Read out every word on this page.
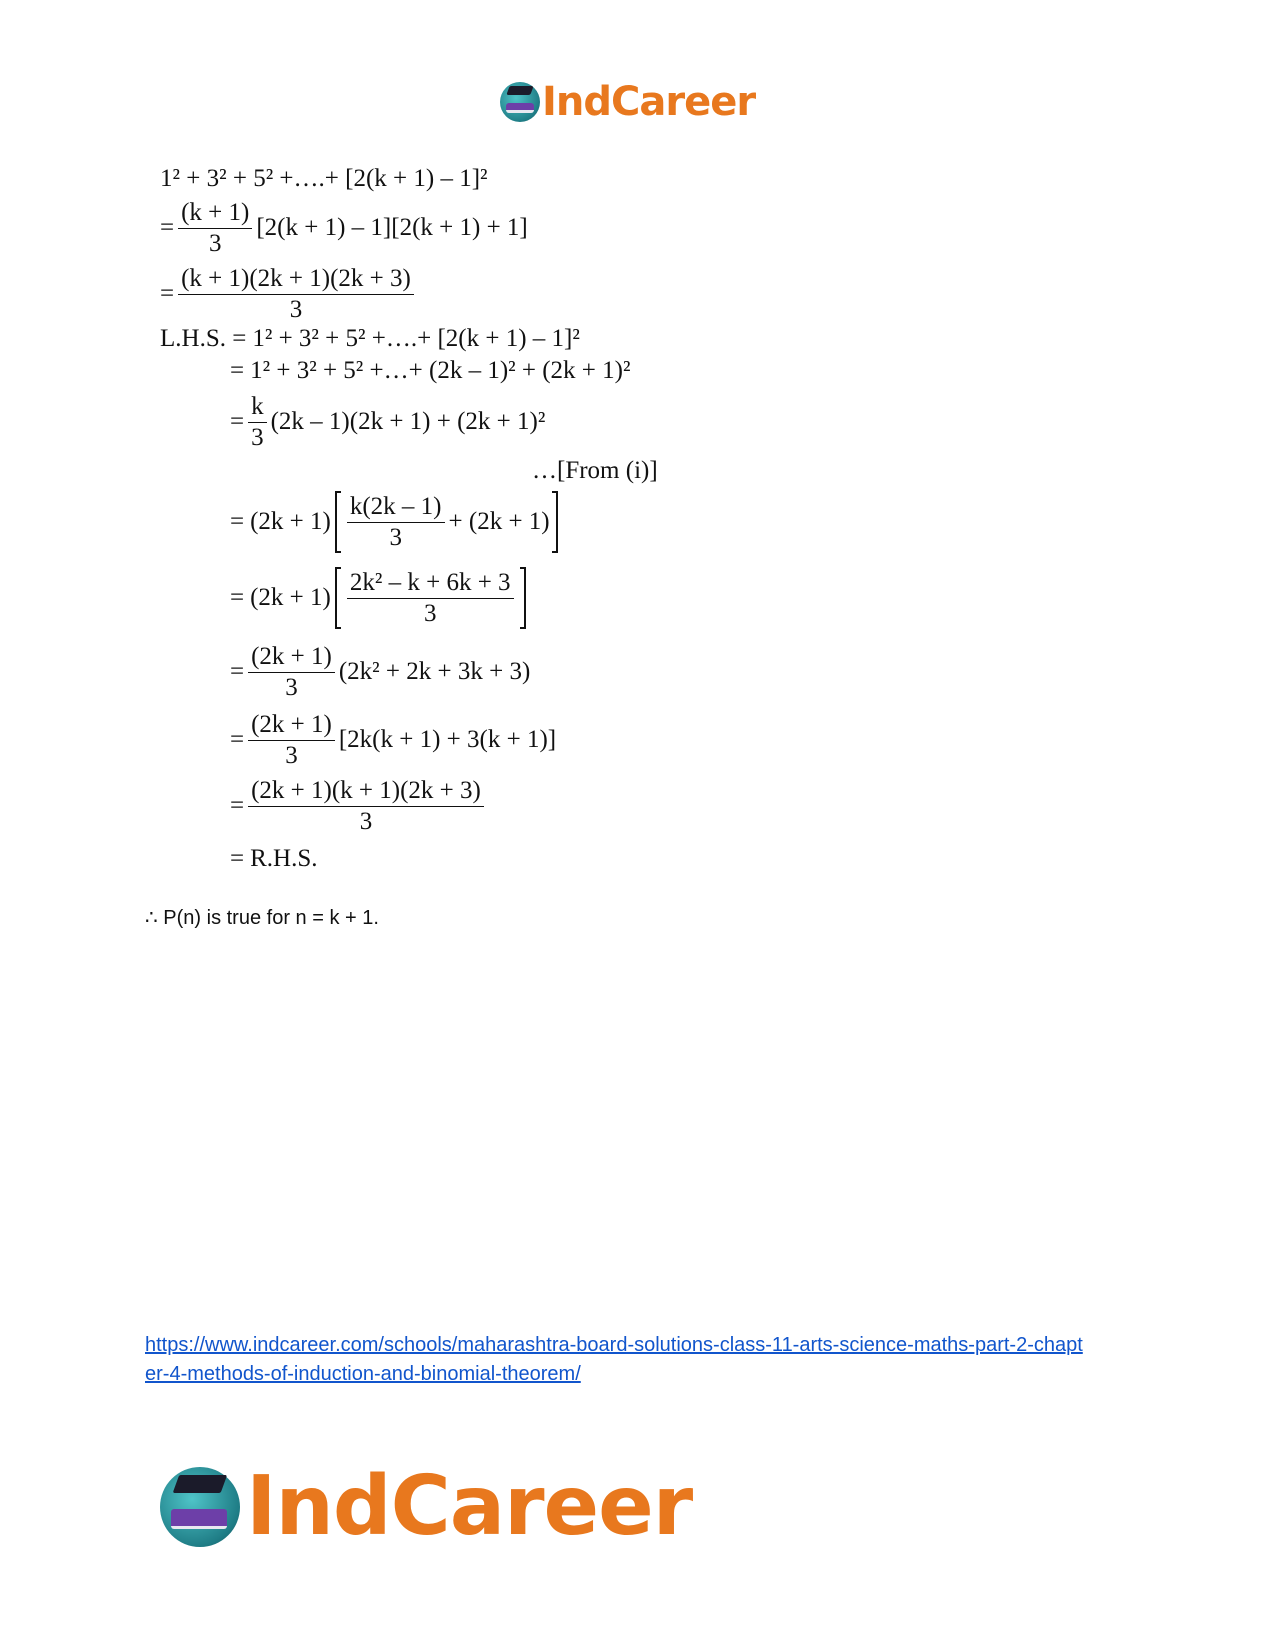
IndCareer
1² + 3² + 5² +….+ [2(k + 1) – 1]²
= $\frac{(k + 1)}{3} [2(k + 1) - 1][2(k + 1) + 1]$
= $\frac{(k + 1)(2k + 1)(2k + 3)}{3}$
L.H.S. = 1² + 3² + 5² +….+ [2(k + 1) – 1]²
= 1² + 3² + 5² +…+ (2k – 1)² + (2k + 1)²
= $\frac{k}{3} (2k - 1)(2k + 1) + (2k + 1)^2$
…[From (i)]
= $(2k + 1) \frac{k(2k - 1)}{3} + (2k + 1)$
= $(2k + 1) \frac{\text{2k² – k + 6k + 3}}{3}$
= $\frac{(2k + 1)}{3} (2k^2 + 2k + 3k + 3)$
= $\frac{(2k + 1)}{3} [2k(k + 1) + 3(k + 1)]$
= $\frac{(2k + 1)(k + 1)(2k + 3)}{3}$
= R.H.S.
∴ P(n) is true for n = k + 1.
https://www.indcareer.com/schools/maharashtra-board-solutions-class-11-arts-science-maths-part-2-chapter-4-methods-of-induction-and-binomial-theorem/
IndCareer
